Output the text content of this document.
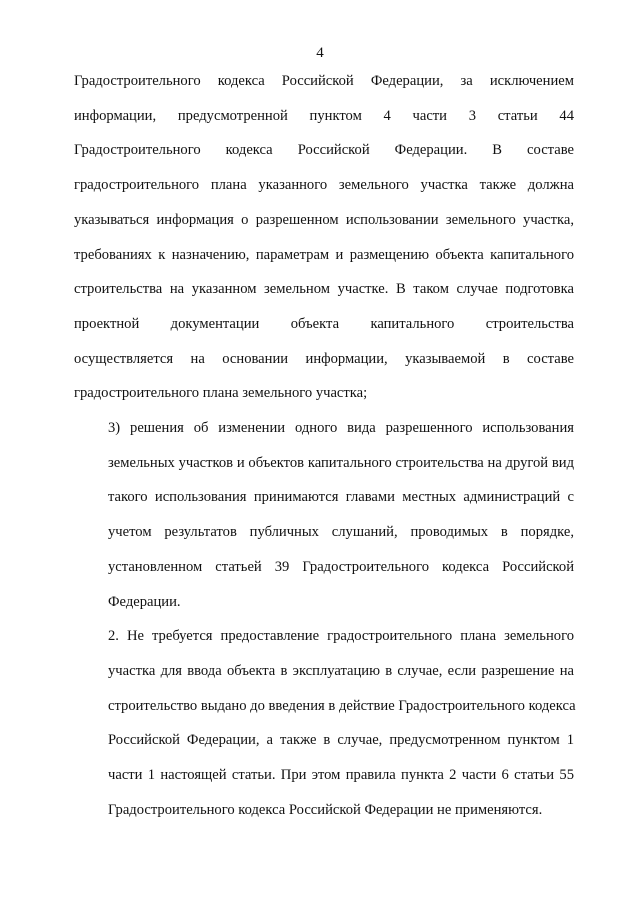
4
Градостроительного кодекса Российской Федерации, за исключением
информации, предусмотренной пунктом 4 части 3 статьи 44
Градостроительного кодекса Российской Федерации. В составе
градостроительного плана указанного земельного участка также должна
указываться информация о разрешенном использовании земельного участка,
требованиях к назначению, параметрам и размещению объекта капитального
строительства на указанном земельном участке. В таком случае подготовка
проектной документации объекта капитального строительства
осуществляется на основании информации, указываемой в составе
градостроительного плана земельного участка;
3) решения об изменении одного вида разрешенного использования
земельных участков и объектов капитального строительства на другой вид
такого использования принимаются главами местных администраций с
учетом результатов публичных слушаний, проводимых в порядке,
установленном статьей 39 Градостроительного кодекса Российской
Федерации.
2. Не требуется предоставление градостроительного плана земельного
участка для ввода объекта в эксплуатацию в случае, если разрешение на
строительство выдано до введения в действие Градостроительного кодекса
Российской Федерации, а также в случае, предусмотренном пунктом 1
части 1 настоящей статьи. При этом правила пункта 2 части 6 статьи 55
Градостроительного кодекса Российской Федерации не применяются.
